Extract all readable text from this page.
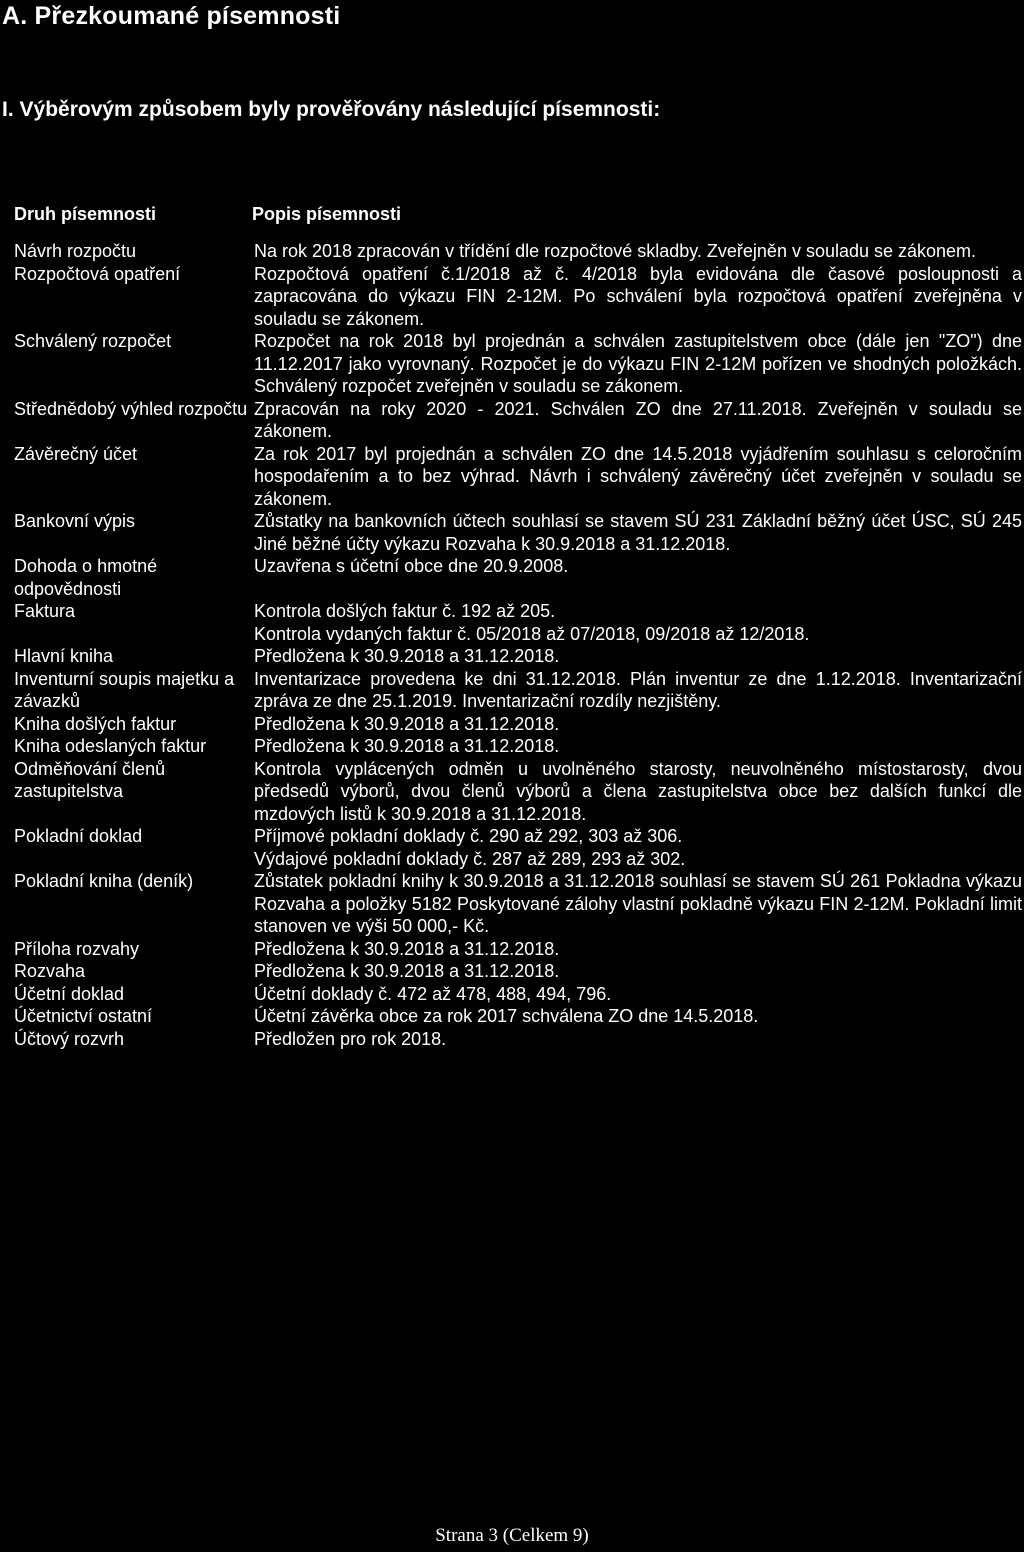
A. Přezkoumané písemnosti
I. Výběrovým způsobem byly prověřovány následující písemnosti:
Druh písemnosti	Popis písemnosti
Návrh rozpočtu	Na rok 2018 zpracován v třídění dle rozpočtové skladby. Zveřejněn v souladu se zákonem.

Rozpočtová opatření	Rozpočtová opatření č.1/2018 až č. 4/2018 byla evidována dle časové posloupnosti a zapracována do výkazu FIN 2-12M. Po schválení byla rozpočtová opatření zveřejněna v souladu se zákonem.

Schválený rozpočet	Rozpočet na rok 2018 byl projednán a schválen zastupitelstvem obce (dále jen "ZO") dne 11.12.2017 jako vyrovnaný. Rozpočet je do výkazu FIN 2-12M pořízen ve shodných položkách. Schválený rozpočet zveřejněn v souladu se zákonem.

Střednědobý výhled rozpočtu	Zpracován na roky 2020 - 2021. Schválen ZO dne 27.11.2018. Zveřejněn v souladu se zákonem.

Závěrečný účet	Za rok 2017 byl projednán a schválen ZO dne 14.5.2018 vyjádřením souhlasu s celoročním hospodařením a to bez výhrad. Návrh i schválený závěrečný účet zveřejněn v souladu se zákonem.

Bankovní výpis	Zůstatky na bankovních účtech souhlasí se stavem SÚ 231 Základní běžný účet ÚSC, SÚ 245 Jiné běžné účty výkazu Rozvaha k 30.9.2018 a 31.12.2018.

Dohoda o hmotné odpovědnosti	Uzavřena s účetní obce dne 20.9.2008.

Faktura	Kontrola došlých faktur č. 192 až 205.
Kontrola vydaných faktur č. 05/2018 až 07/2018, 09/2018 až 12/2018.

Hlavní kniha	Předložena k 30.9.2018 a 31.12.2018.

Inventurní soupis majetku a závazků	Inventarizace provedena ke dni 31.12.2018. Plán inventur ze dne 1.12.2018. Inventarizační zpráva ze dne 25.1.2019. Inventarizační rozdíly nezjištěny.

Kniha došlých faktur	Předložena k 30.9.2018 a 31.12.2018.

Kniha odeslaných faktur	Předložena k 30.9.2018 a 31.12.2018.

Odměňování členů zastupitelstva	Kontrola vyplácených odměn u uvolněného starosty, neuvolněného místostarosty, dvou předsedů výborů, dvou členů výborů a člena zastupitelstva obce bez dalších funkcí dle mzdových listů k 30.9.2018 a 31.12.2018.

Pokladní doklad	Příjmové pokladní doklady č. 290 až 292, 303 až 306.
Výdajové pokladní doklady č. 287 až 289, 293 až 302.

Pokladní kniha (deník)	Zůstatek pokladní knihy k 30.9.2018 a 31.12.2018 souhlasí se stavem SÚ 261 Pokladna výkazu Rozvaha a položky 5182 Poskytované zálohy vlastní pokladně výkazu FIN 2-12M. Pokladní limit stanoven ve výši 50 000,- Kč.

Příloha rozvahy	Předložena k 30.9.2018 a 31.12.2018.

Rozvaha	Předložena k 30.9.2018 a 31.12.2018.

Účetní doklad	Účetní doklady č. 472 až 478, 488, 494, 796.

Účetnictví ostatní	Účetní závěrka obce za rok 2017 schválena ZO dne 14.5.2018.

Účtový rozvrh	Předložen pro rok 2018.
Strana 3 (Celkem 9)
